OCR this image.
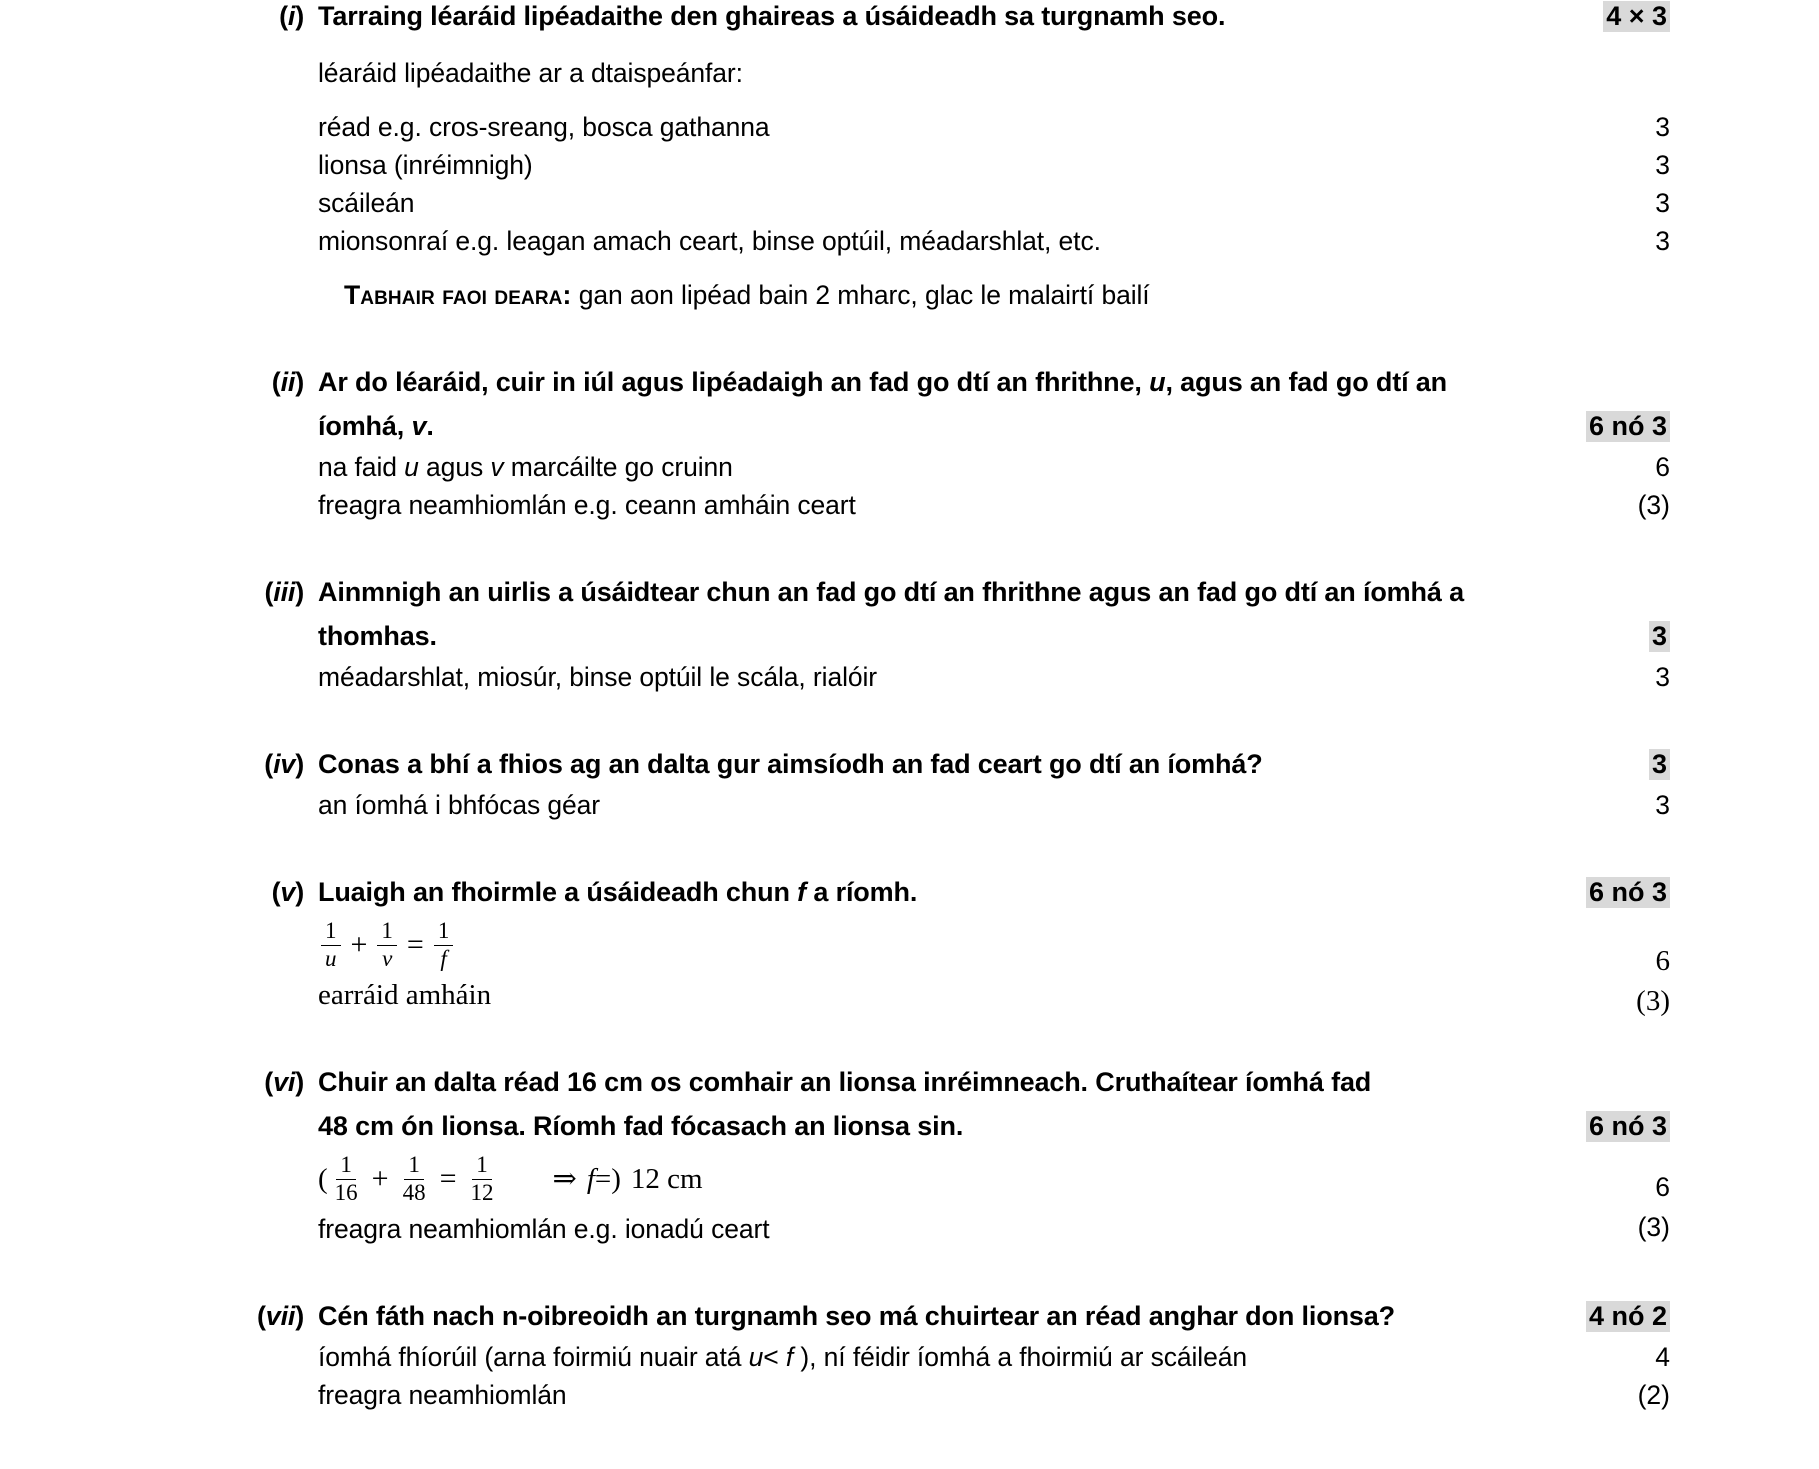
(i) Tarraing léaráid lipéadaithe den ghaireas a úsáideadh sa turgnamh seo.	4 × 3
léaráid lipéadaithe ar a dtaispeánfar:
réad e.g. cros-sreang, bosca gathanna
lionsa (inréimnigh)
scáileán
mionsonraí e.g. leagan amach ceart, binse optúil, méadarshlat, etc.
3
3
3
3
Tabhair faoi deara: gan aon lipéad bain 2 mharc, glac le malairtí bailí
(ii) Ar do léaráid, cuir in iúl agus lipéadaigh an fad go dtí an fhrithne, u, agus an fad go dtí an
íomhá, v.
na faid u agus v marcáilte go cruinn
freagra neamhiomlán e.g. ceann amháin ceart
6 nó 3
6
(3)
(iii) Ainmnigh an uirlis a úsáidtear chun an fad go dtí an fhrithne agus an fad go dtí an íomhá a
thomhas.
méadarshlat, miosúr, binse optúil le scála, rialóir
3
3
(iv) Conas a bhí a fhios ag an dalta gur aimsíodh an fad ceart go dtí an íomhá?
an íomhá i bhfócas géar
3
3
(v) Luaigh an fhoirmle a úsáideadh chun f a ríomh.
$\frac{1}{u} + \frac{1}{v} = \frac{1}{f}$
earráid amháin
6 nó 3
6
(3)
(vi) Chuir an dalta réad 16 cm os comhair an lionsa inréimneach. Cruthaítear íomhá fad
48 cm ón lionsa. Ríomh fad fócasach an lionsa sin.
( $\frac{1}{16} + \frac{1}{48} = \frac{1}{12}$ ⇒ f = ) 12 cm
freagra neamhiomlán e.g. ionadú ceart
6 nó 3
6
(3)
(vii) Cén fáth nach n-oibreoidh an turgnamh seo má chuirtear an réad anghar don lionsa?
íomhá fhíorúil (arna foirmiú nuair atá u< f ), ní féidir íomhá a fhoirmiú ar scáileán
freagra neamhiomlán
4 nó 2
4
(2)
